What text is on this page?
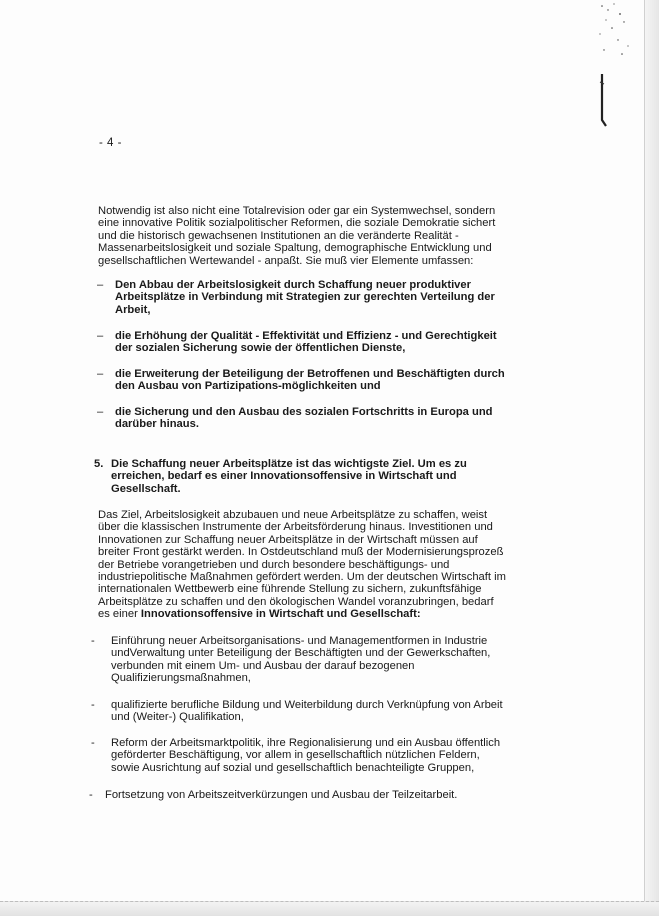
- 4 -
Notwendig ist also nicht eine Totalrevision oder gar ein Systemwechsel, sondern eine innovative Politik sozialpolitischer Reformen, die soziale Demokratie sichert und die historisch gewachsenen Institutionen an die veränderte Realität - Massenarbeitslosigkeit und soziale Spaltung, demographische Entwicklung und gesellschaftlichen Wertewandel - anpaßt. Sie muß vier Elemente umfassen:
– Den Abbau der Arbeitslosigkeit durch Schaffung neuer produktiver Arbeitsplätze in Verbindung mit Strategien zur gerechten Verteilung der Arbeit,
– die Erhöhung der Qualität - Effektivität und Effizienz - und Gerechtigkeit der sozialen Sicherung sowie der öffentlichen Dienste,
– die Erweiterung der Beteiligung der Betroffenen und Beschäftigten durch den Ausbau von Partizipations-möglichkeiten und
– die Sicherung und den Ausbau des sozialen Fortschritts in Europa und darüber hinaus.
5. Die Schaffung neuer Arbeitsplätze ist das wichtigste Ziel. Um es zu erreichen, bedarf es einer Innovationsoffensive in Wirtschaft und Gesellschaft.
Das Ziel, Arbeitslosigkeit abzubauen und neue Arbeitsplätze zu schaffen, weist über die klassischen Instrumente der Arbeitsförderung hinaus. Investitionen und Innovationen zur Schaffung neuer Arbeitsplätze in der Wirtschaft müssen auf breiter Front gestärkt werden. In Ostdeutschland muß der Modernisierungsprozeß der Betriebe vorangetrieben und durch besondere beschäftigungs- und industriepolitische Maßnahmen gefördert werden. Um der deutschen Wirtschaft im internationalen Wettbewerb eine führende Stellung zu sichern, zukunftsfähige Arbeitsplätze zu schaffen und den ökologischen Wandel voranzubringen, bedarf es einer Innovationsoffensive in Wirtschaft und Gesellschaft:
- Einführung neuer Arbeitsorganisations- und Managementformen in Industrie undVerwaltung unter Beteiligung der Beschäftigten und der Gewerkschaften, verbunden mit einem Um- und Ausbau der darauf bezogenen Qualifizierungsmaßnahmen,
- qualifizierte berufliche Bildung und Weiterbildung durch Verknüpfung von Arbeit und (Weiter-) Qualifikation,
- Reform der Arbeitsmarktpolitik, ihre Regionalisierung und ein Ausbau öffentlich geförderter Beschäftigung, vor allem in gesellschaftlich nützlichen Feldern, sowie Ausrichtung auf sozial und gesellschaftlich benachteiligte Gruppen,
- Fortsetzung von Arbeitszeitverkürzungen und Ausbau der Teilzeitarbeit.
